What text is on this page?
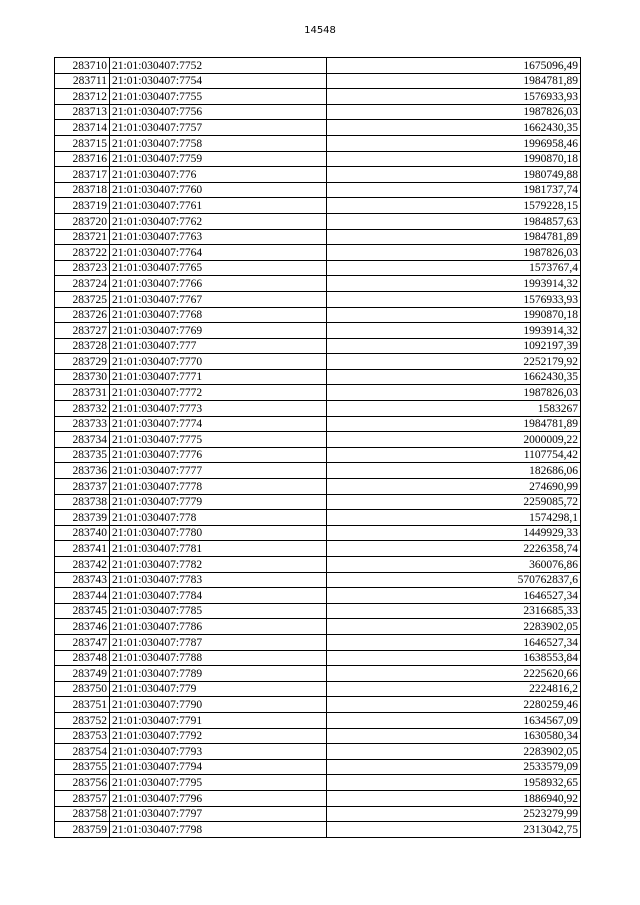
14548
283710	21:01:030407:7752	1675096,49
283711	21:01:030407:7754	1984781,89
283712	21:01:030407:7755	1576933,93
283713	21:01:030407:7756	1987826,03
283714	21:01:030407:7757	1662430,35
283715	21:01:030407:7758	1996958,46
283716	21:01:030407:7759	1990870,18
283717	21:01:030407:776	1980749,88
283718	21:01:030407:7760	1981737,74
283719	21:01:030407:7761	1579228,15
283720	21:01:030407:7762	1984857,63
283721	21:01:030407:7763	1984781,89
283722	21:01:030407:7764	1987826,03
283723	21:01:030407:7765	1573767,4
283724	21:01:030407:7766	1993914,32
283725	21:01:030407:7767	1576933,93
283726	21:01:030407:7768	1990870,18
283727	21:01:030407:7769	1993914,32
283728	21:01:030407:777	1092197,39
283729	21:01:030407:7770	2252179,92
283730	21:01:030407:7771	1662430,35
283731	21:01:030407:7772	1987826,03
283732	21:01:030407:7773	1583267
283733	21:01:030407:7774	1984781,89
283734	21:01:030407:7775	2000009,22
283735	21:01:030407:7776	1107754,42
283736	21:01:030407:7777	182686,06
283737	21:01:030407:7778	274690,99
283738	21:01:030407:7779	2259085,72
283739	21:01:030407:778	1574298,1
283740	21:01:030407:7780	1449929,33
283741	21:01:030407:7781	2226358,74
283742	21:01:030407:7782	360076,86
283743	21:01:030407:7783	570762837,6
283744	21:01:030407:7784	1646527,34
283745	21:01:030407:7785	2316685,33
283746	21:01:030407:7786	2283902,05
283747	21:01:030407:7787	1646527,34
283748	21:01:030407:7788	1638553,84
283749	21:01:030407:7789	2225620,66
283750	21:01:030407:779	2224816,2
283751	21:01:030407:7790	2280259,46
283752	21:01:030407:7791	1634567,09
283753	21:01:030407:7792	1630580,34
283754	21:01:030407:7793	2283902,05
283755	21:01:030407:7794	2533579,09
283756	21:01:030407:7795	1958932,65
283757	21:01:030407:7796	1886940,92
283758	21:01:030407:7797	2523279,99
283759	21:01:030407:7798	2313042,75
